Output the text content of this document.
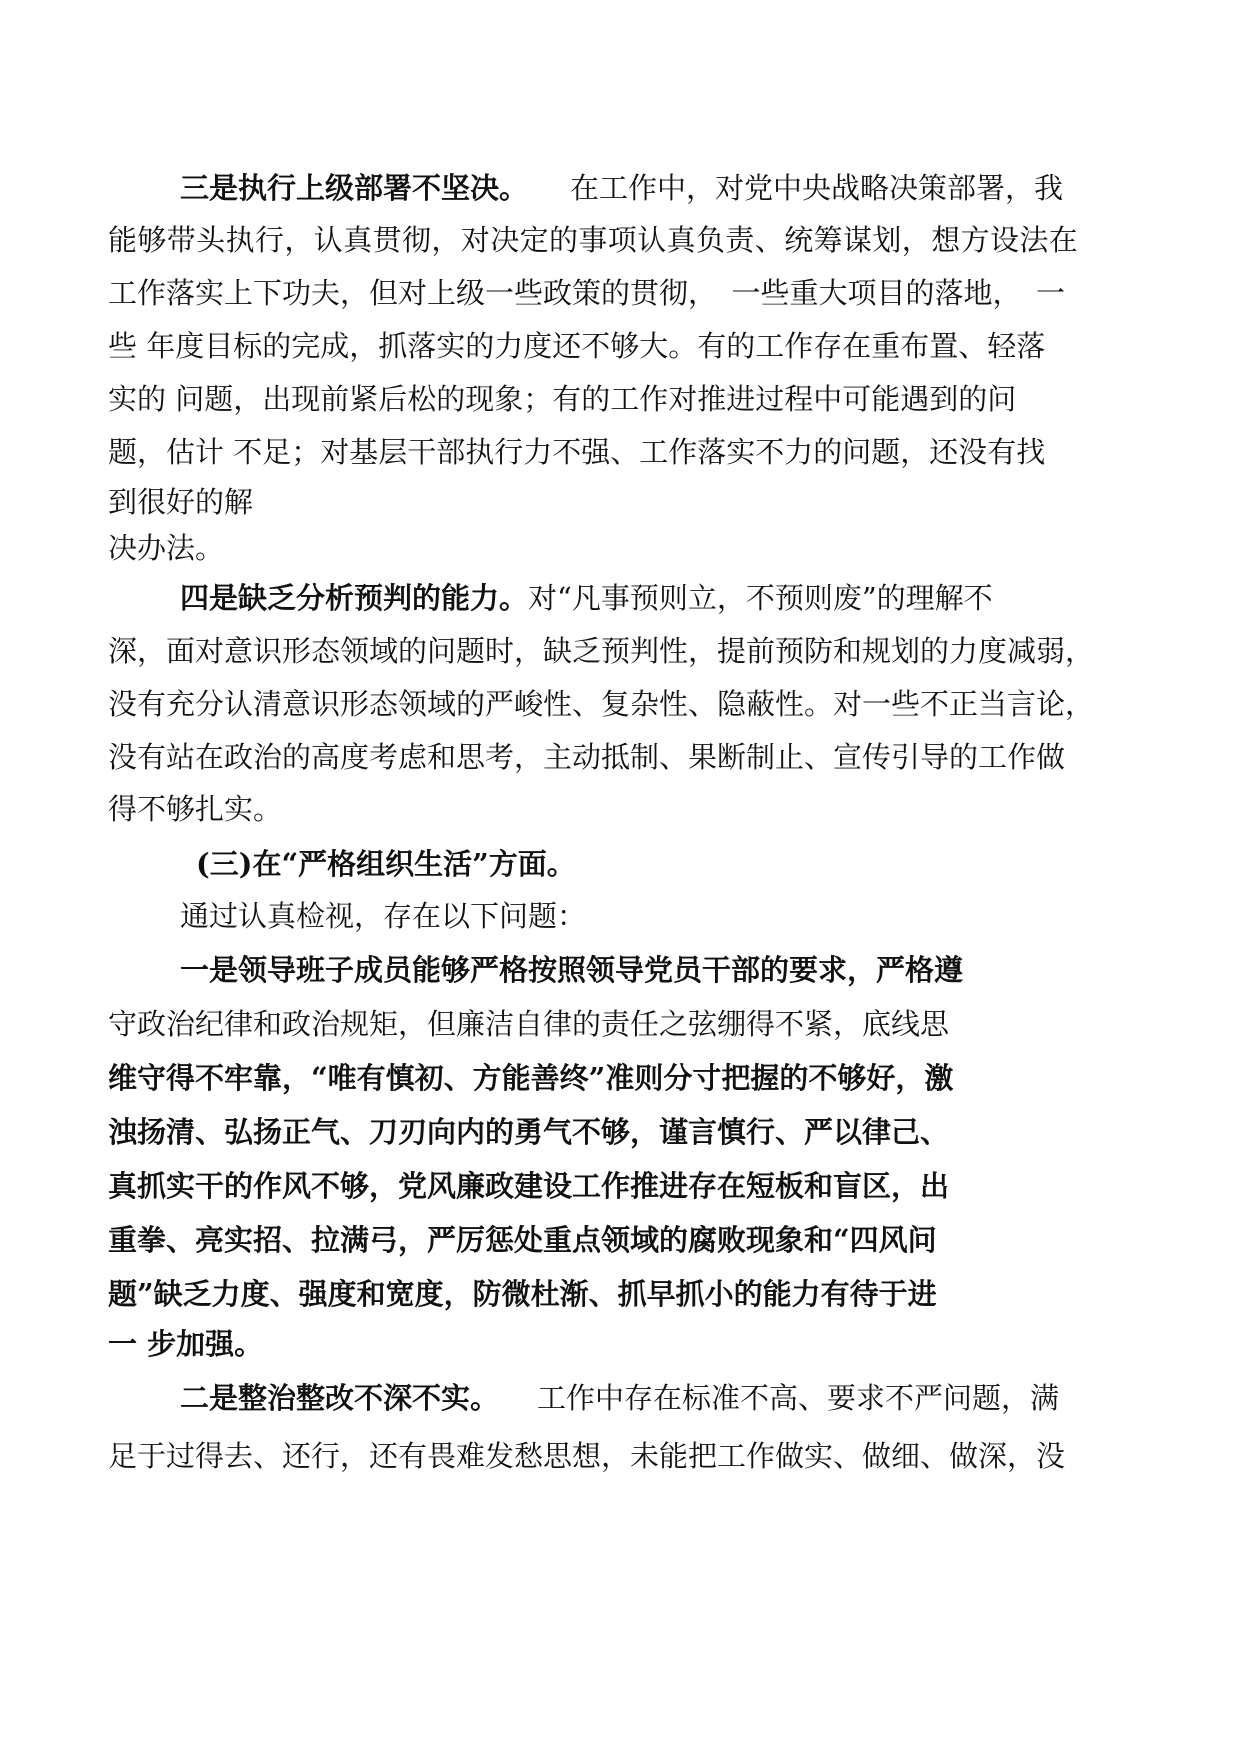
三是执行上级部署不坚决。 在工作中，对党中央战略决策部署，我
能够带头执行，认真贯彻，对决定的事项认真负责、统筹谋划，想方设法在
工作落实上下功夫，但对上级一些政策的贯彻，　一些重大项目的落地，　一
些 年度目标的完成，抓落实的力度还不够大。有的工作存在重布置、轻落
实的 问题，出现前紧后松的现象；有的工作对推进过程中可能遇到的问
题，估计 不足；对基层干部执行力不强、工作落实不力的问题，还没有找
到很好的解
决办法。
四是缺乏分析预判的能力。对“凡事预则立，不预则废”的理解不
深，面对意识形态领域的问题时，缺乏预判性，提前预防和规划的力度减弱，
没有充分认清意识形态领域的严峻性、复杂性、隐蔽性。对一些不正当言论，
没有站在政治的高度考虑和思考，主动抵制、果断制止、宣传引导的工作做
得不够扎实。
(三)在“严格组织生活”方面。
通过认真检视，存在以下问题：
一是领导班子成员能够严格按照领导党员干部的要求，严格遵
守政治纪律和政治规矩，但廉洁自律的责任之弦绷得不紧，底线思
维守得不牢靠，“唯有慎初、方能善终”准则分寸把握的不够好，激
浊扬清、弘扬正气、刀刃向内的勇气不够，谨言慎行、严以律己、
真抓实干的作风不够，党风廉政建设工作推进存在短板和盲区，出
重拳、亮实招、拉满弓，严厉惩处重点领域的腐败现象和“四风问
题”缺乏力度、强度和宽度，防微杜渐、抓早抓小的能力有待于进
一 步加强。
二是整治整改不深不实。 工作中存在标准不高、要求不严问题，满
足于过得去、还行，还有畏难发愁思想，未能把工作做实、做细、做深，没
